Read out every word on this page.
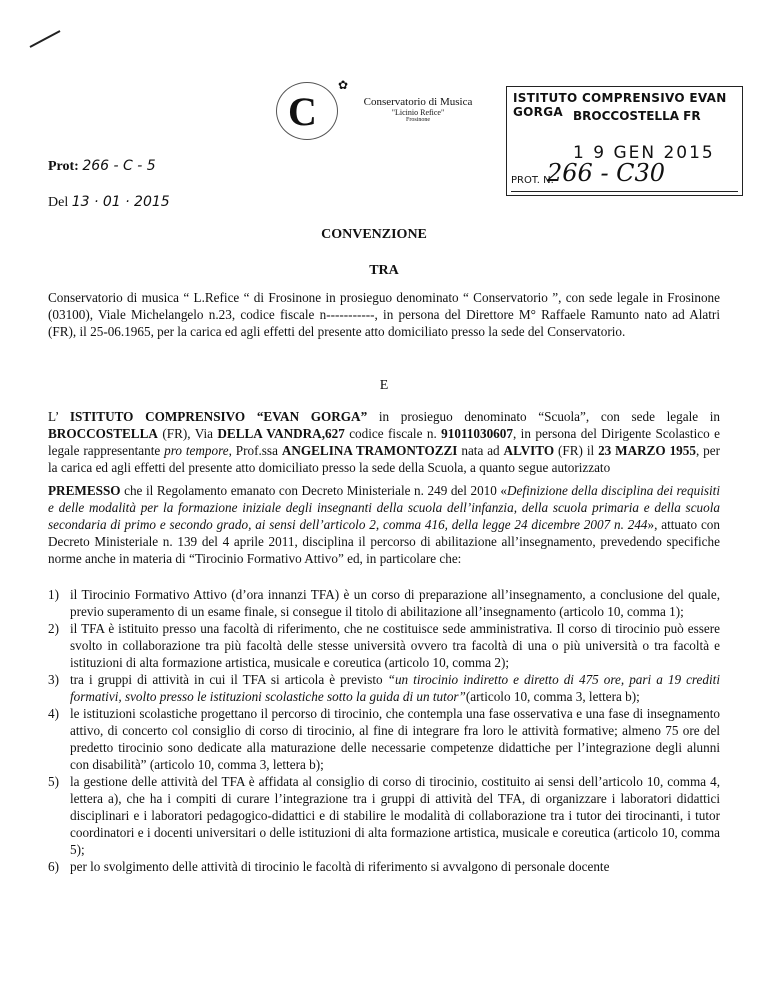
C
✿
Conservatorio di Musica
"Licinio Refice"
Frosinone
ISTITUTO COMPRENSIVO EVAN GORGA BROCCOSTELLA FR
1 9 GEN 2015
PROT. N.
266 - C30
Prot: 266 - C - 5
Del 13 · 01 · 2015
CONVENZIONE
TRA
Conservatorio di musica “ L.Refice “ di Frosinone in prosieguo denominato “ Conservatorio ”, con sede legale in Frosinone (03100), Viale Michelangelo n.23, codice fiscale n-----------, in persona del Direttore M° Raffaele Ramunto nato ad Alatri (FR), il 25-06.1965, per la carica ed agli effetti del presente atto domiciliato presso la sede del Conservatorio.
E
L’ ISTITUTO COMPRENSIVO “EVAN GORGA” in prosieguo denominato “Scuola”, con sede legale in BROCCOSTELLA (FR), Via DELLA VANDRA,627 codice fiscale n. 91011030607, in persona del Dirigente Scolastico e legale rappresentante pro tempore, Prof.ssa ANGELINA TRAMONTOZZI nata ad ALVITO (FR) il 23 MARZO 1955, per la carica ed agli effetti del presente atto domiciliato presso la sede della Scuola, a quanto segue autorizzato
PREMESSO che il Regolamento emanato con Decreto Ministeriale n. 249 del 2010 «Definizione della disciplina dei requisiti e delle modalità per la formazione iniziale degli insegnanti della scuola dell’infanzia, della scuola primaria e della scuola secondaria di primo e secondo grado, ai sensi dell’articolo 2, comma 416, della legge 24 dicembre 2007 n. 244», attuato con Decreto Ministeriale n. 139 del 4 aprile 2011, disciplina il percorso di abilitazione all’insegnamento, prevedendo specifiche norme anche in materia di “Tirocinio Formativo Attivo” ed, in particolare che:
1) il Tirocinio Formativo Attivo (d’ora innanzi TFA) è un corso di preparazione all’insegnamento, a conclusione del quale, previo superamento di un esame finale, si consegue il titolo di abilitazione all’insegnamento (articolo 10, comma 1);
2) il TFA è istituito presso una facoltà di riferimento, che ne costituisce sede amministrativa. Il corso di tirocinio può essere svolto in collaborazione tra più facoltà delle stesse università ovvero tra facoltà di una o più università o tra facoltà e istituzioni di alta formazione artistica, musicale e coreutica (articolo 10, comma 2);
3) tra i gruppi di attività in cui il TFA si articola è previsto “un tirocinio indiretto e diretto di 475 ore, pari a 19 crediti formativi, svolto presso le istituzioni scolastiche sotto la guida di un tutor”(articolo 10, comma 3, lettera b);
4) le istituzioni scolastiche progettano il percorso di tirocinio, che contempla una fase osservativa e una fase di insegnamento attivo, di concerto col consiglio di corso di tirocinio, al fine di integrare fra loro le attività formative; almeno 75 ore del predetto tirocinio sono dedicate alla maturazione delle necessarie competenze didattiche per l’integrazione degli alunni con disabilità” (articolo 10, comma 3, lettera b);
5) la gestione delle attività del TFA è affidata al consiglio di corso di tirocinio, costituito ai sensi dell’articolo 10, comma 4, lettera a), che ha i compiti di curare l’integrazione tra i gruppi di attività del TFA, di organizzare i laboratori didattici disciplinari e i laboratori pedagogico-didattici e di stabilire le modalità di collaborazione tra i tutor dei tirocinanti, i tutor coordinatori e i docenti universitari o delle istituzioni di alta formazione artistica, musicale e coreutica (articolo 10, comma 5);
6) per lo svolgimento delle attività di tirocinio le facoltà di riferimento si avvalgono di personale docente
